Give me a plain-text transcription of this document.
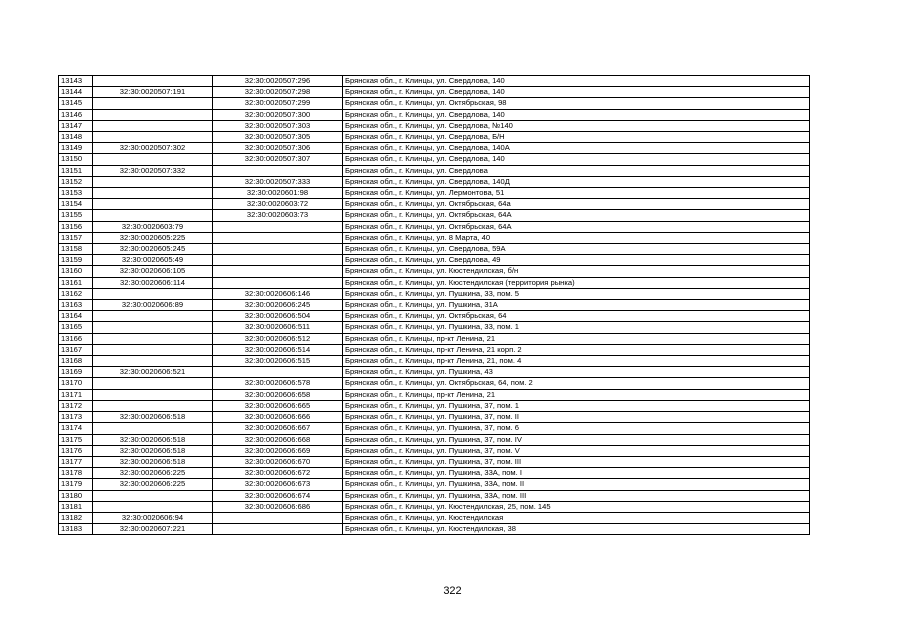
13143		32:30:0020507:296	Брянская обл., г. Клинцы, ул. Свердлова, 140
13144	32:30:0020507:191	32:30:0020507:298	Брянская обл., г. Клинцы, ул. Свердлова, 140
13145		32:30:0020507:299	Брянская обл., г. Клинцы, ул. Октябрьская, 98
13146		32:30:0020507:300	Брянская обл., г. Клинцы, ул. Свердлова, 140
13147		32:30:0020507:303	Брянская обл., г. Клинцы, ул. Свердлова, №140
13148		32:30:0020507:305	Брянская обл., г. Клинцы, ул. Свердлова, Б/Н
13149	32:30:0020507:302	32:30:0020507:306	Брянская обл., г. Клинцы, ул. Свердлова, 140А
13150		32:30:0020507:307	Брянская обл., г. Клинцы, ул. Свердлова, 140
13151	32:30:0020507:332		Брянская обл., г. Клинцы, ул. Свердлова
13152		32:30:0020507:333	Брянская обл., г. Клинцы, ул. Свердлова, 140Д
13153		32:30:0020601:98	Брянская обл., г. Клинцы, ул. Лермонтова, 51
13154		32:30:0020603:72	Брянская обл., г. Клинцы, ул. Октябрьская, 64а
13155		32:30:0020603:73	Брянская обл., г. Клинцы, ул. Октябрьская, 64А
13156	32:30:0020603:79		Брянская обл., г. Клинцы, ул. Октябрьская, 64А
13157	32:30:0020605:225		Брянская обл., г. Клинцы, ул. 8 Марта, 40
13158	32:30:0020605:245		Брянская обл., г. Клинцы, ул. Свердлова, 59А
13159	32:30:0020605:49		Брянская обл., г. Клинцы, ул. Свердлова, 49
13160	32:30:0020606:105		Брянская обл., г. Клинцы, ул. Кюстендилская, б/н
13161	32:30:0020606:114		Брянская обл., г. Клинцы, ул. Кюстендилская (территория рынка)
13162		32:30:0020606:146	Брянская обл., г. Клинцы, ул. Пушкина, 33, пом. 5
13163	32:30:0020606:89	32:30:0020606:245	Брянская обл., г. Клинцы, ул. Пушкина, 31А
13164		32:30:0020606:504	Брянская обл., г. Клинцы, ул. Октябрьская, 64
13165		32:30:0020606:511	Брянская обл., г. Клинцы, ул. Пушкина, 33, пом. 1
13166		32:30:0020606:512	Брянская обл., г. Клинцы, пр-кт Ленина, 21
13167		32:30:0020606:514	Брянская обл., г. Клинцы, пр-кт Ленина, 21 корп. 2
13168		32:30:0020606:515	Брянская обл., г. Клинцы, пр-кт Ленина, 21, пом. 4
13169	32:30:0020606:521		Брянская обл., г. Клинцы, ул. Пушкина, 43
13170		32:30:0020606:578	Брянская обл., г. Клинцы, ул. Октябрьская, 64, пом. 2
13171		32:30:0020606:658	Брянская обл., г. Клинцы, пр-кт Ленина, 21
13172		32:30:0020606:665	Брянская обл., г. Клинцы, ул. Пушкина, 37, пом. 1
13173	32:30:0020606:518	32:30:0020606:666	Брянская обл., г. Клинцы, ул. Пушкина, 37, пом. II
13174		32:30:0020606:667	Брянская обл., г. Клинцы, ул. Пушкина, 37, пом. 6
13175	32:30:0020606:518	32:30:0020606:668	Брянская обл., г. Клинцы, ул. Пушкина, 37, пом. IV
13176	32:30:0020606:518	32:30:0020606:669	Брянская обл., г. Клинцы, ул. Пушкина, 37, пом. V
13177	32:30:0020606:518	32:30:0020606:670	Брянская обл., г. Клинцы, ул. Пушкина, 37, пом. III
13178	32:30:0020606:225	32:30:0020606:672	Брянская обл., г. Клинцы, ул. Пушкина, 33А, пом. I
13179	32:30:0020606:225	32:30:0020606:673	Брянская обл., г. Клинцы, ул. Пушкина, 33А, пом. II
13180		32:30:0020606:674	Брянская обл., г. Клинцы, ул. Пушкина, 33А, пом. III
13181		32:30:0020606:686	Брянская обл., г. Клинцы, ул. Кюстендилская, 25, пом. 145
13182	32:30:0020606:94		Брянская обл., г. Клинцы, ул. Кюстендилская
13183	32:30:0020607:221		Брянская обл., г. Клинцы, ул. Кюстендилская, 38
322
